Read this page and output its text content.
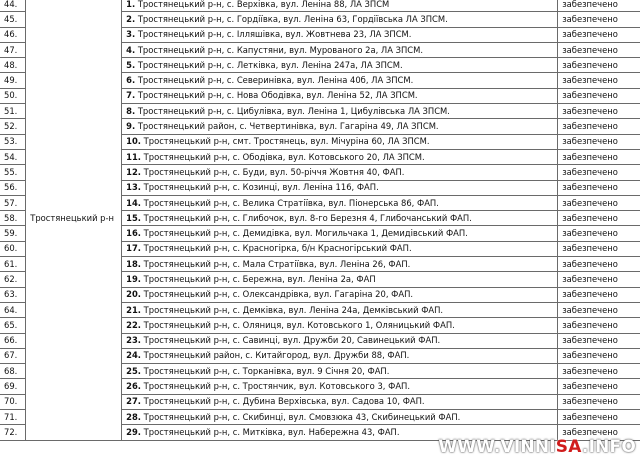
44.	Тростянецький р-н	1. Тростянецький р-н, с. Верхівка, вул. Леніна 88, ЛА ЗПСМ	забезпечено
45.		2. Тростянецький р-н, с. Гордіївка, вул. Леніна 63, Гордіївська ЛА ЗПСМ.	забезпечено
46.		3. Тростянецький р-н, с. Ілляшівка, вул. Жовтнева 23, ЛА ЗПСМ.	забезпечено
47.		4. Тростянецький р-н, с. Капустяни, вул. Мурованого 2а, ЛА ЗПСМ.	забезпечено
48.		5. Тростянецький р-н, с. Летківка, вул. Леніна 247а, ЛА ЗПСМ.	забезпечено
49.		6. Тростянецький р-н, с. Северинівка, вул. Леніна 40б, ЛА ЗПСМ.	забезпечено
50.		7. Тростянецький р-н, с. Нова Ободівка, вул. Леніна 52, ЛА ЗПСМ.	забезпечено
51.		8. Тростянецький р-н, с. Цибулівка, вул. Леніна 1, Цибулівська ЛА ЗПСМ.	забезпечено
52.		9. Тростянецький район, с. Четвертинівка, вул. Гагаріна 49, ЛА ЗПСМ.	забезпечено
53.		10. Тростянецький р-н, смт. Тростянець, вул. Мічуріна 60, ЛА ЗПСМ.	забезпечено
54.		11. Тростянецький р-н, с. Ободівка, вул. Котовського 20, ЛА ЗПСМ.	забезпечено
55.		12. Тростянецький р-н, с. Буди, вул. 50-річчя Жовтня 40, ФАП.	забезпечено
56.		13. Тростянецький р-н, с. Козинці, вул. Леніна 116, ФАП.	забезпечено
57.		14. Тростянецький р-н, с. Велика Стратіївка, вул. Піонерська 86, ФАП.	забезпечено
58.		15. Тростянецький р-н, с. Глибочок, вул. 8-го Березня 4, Глибочанський ФАП.	забезпечено
59.		16. Тростянецький р-н, с. Демидівка, вул. Могильчака 1, Демидівський ФАП.	забезпечено
60.		17. Тростянецький р-н, с. Красногірка, б/н Красногірський ФАП.	забезпечено
61.		18. Тростянецький р-н, с. Мала Стратіївка, вул. Леніна 26, ФАП.	забезпечено
62.		19. Тростянецький р-н, с. Бережна, вул. Леніна 2а, ФАП	забезпечено
63.		20. Тростянецький р-н, с. Олександрівка, вул. Гагаріна 20, ФАП.	забезпечено
64.		21. Тростянецький р-н, с. Демківка, вул. Леніна 24а, Демківський ФАП.	забезпечено
65.		22. Тростянецький р-н, с. Оляниця, вул. Котовського 1, Оляницький ФАП.	забезпечено
66.		23. Тростянецький р-н, с. Савинці, вул. Дружби 20, Савинецький ФАП.	забезпечено
67.		24. Тростянецький район, с. Китайгород, вул. Дружби 88, ФАП.	забезпечено
68.		25. Тростянецький р-н, с. Торканівка, вул. 9 Січня 20, ФАП.	забезпечено
69.		26. Тростянецький р-н, с. Тростянчик, вул. Котовського 3, ФАП.	забезпечено
70.		27. Тростянецький р-н, с. Дубина Верхівська, вул. Садова 10, ФАП.	забезпечено
71.		28. Тростянецький р-н, с. Скибинці, вул. Смовзюка 43, Скибинецький ФАП.	забезпечено
72.		29. Тростянецький р-н, с. Митківка, вул. Набережна 43, ФАП.	забезпечено
WWW.VINNISA.INFO
